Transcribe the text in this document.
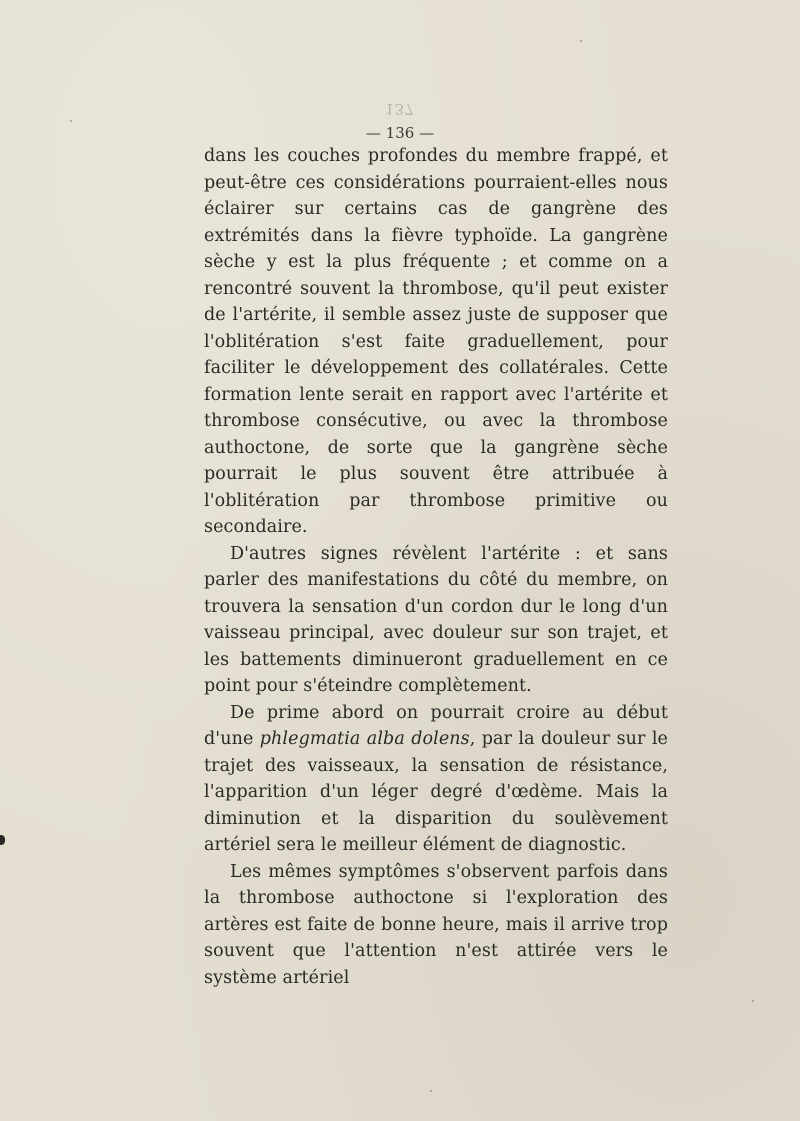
137
— 136 —

dans les couches profondes du membre frappé, et peut-être ces considérations pourraient-elles nous éclairer sur certains cas de gangrène des extrémités dans la fièvre typhoïde. La gangrène sèche y est la plus fréquente ; et comme on a rencontré souvent la thrombose, qu'il peut exister de l'artérite, il semble assez juste de supposer que l'oblitération s'est faite graduellement, pour faciliter le développement des collatérales. Cette formation lente serait en rapport avec l'artérite et thrombose consécutive, ou avec la thrombose authoctone, de sorte que la gangrène sèche pourrait le plus souvent être attribuée à l'oblitération par thrombose primitive ou secondaire.

D'autres signes révèlent l'artérite : et sans parler des manifestations du côté du membre, on trouvera la sensation d'un cordon dur le long d'un vaisseau principal, avec douleur sur son trajet, et les battements diminueront graduellement en ce point pour s'éteindre complètement.

De prime abord on pourrait croire au début d'une phlegmatia alba dolens, par la douleur sur le trajet des vaisseaux, la sensation de résistance, l'apparition d'un léger degré d'œdème. Mais la diminution et la disparition du soulèvement artériel sera le meilleur élément de diagnostic.

Les mêmes symptômes s'observent parfois dans la thrombose authoctone si l'exploration des artères est faite de bonne heure, mais il arrive trop souvent que l'attention n'est attirée vers le système artériel
